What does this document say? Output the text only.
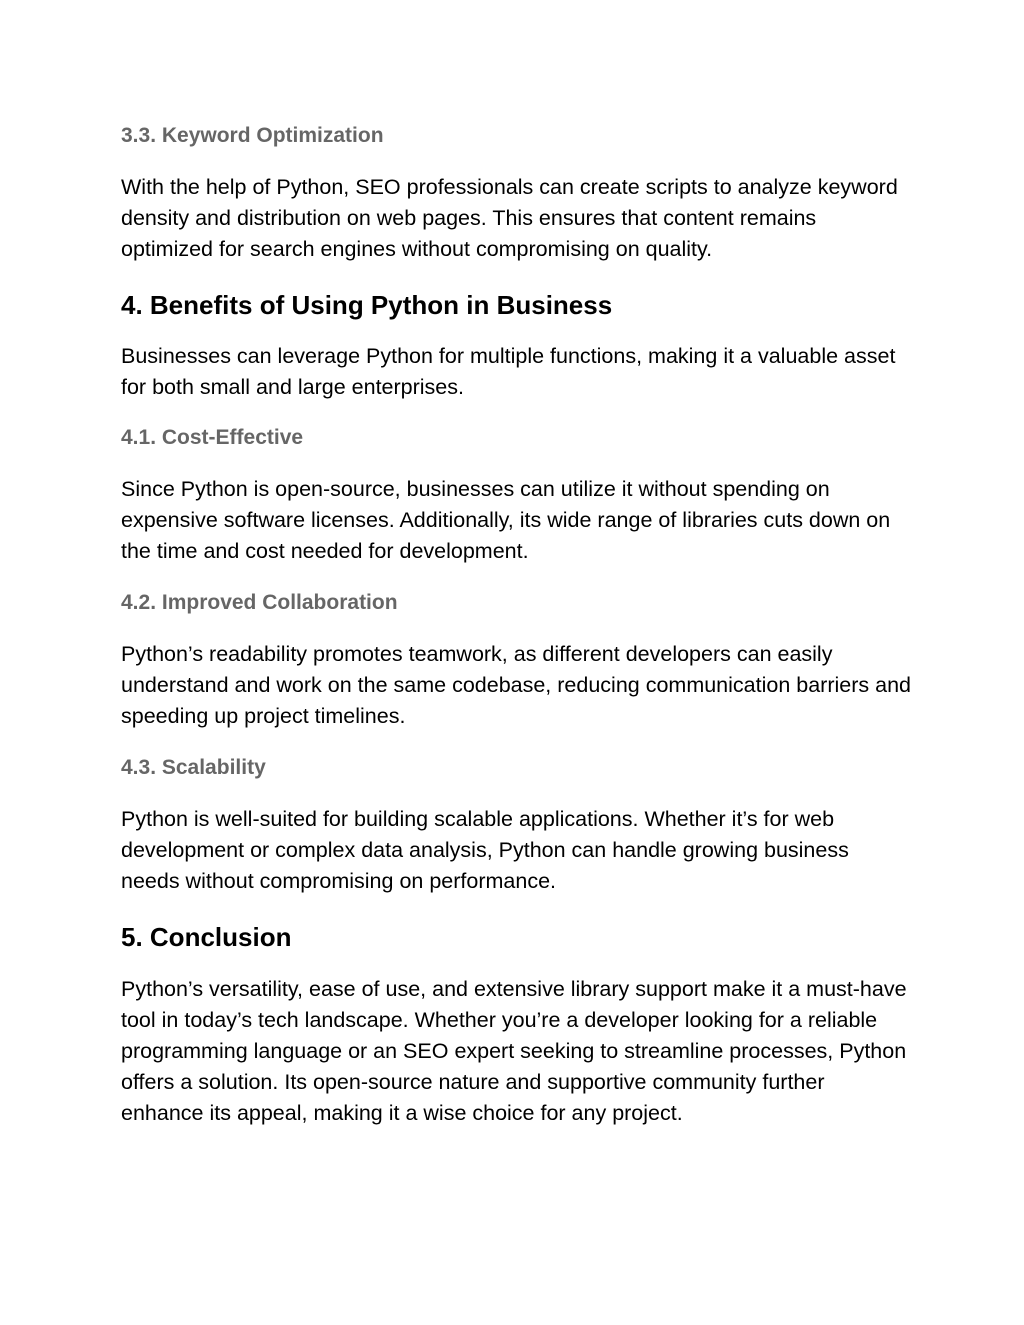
3.3. Keyword Optimization
With the help of Python, SEO professionals can create scripts to analyze keyword density and distribution on web pages. This ensures that content remains optimized for search engines without compromising on quality.
4. Benefits of Using Python in Business
Businesses can leverage Python for multiple functions, making it a valuable asset for both small and large enterprises.
4.1. Cost-Effective
Since Python is open-source, businesses can utilize it without spending on expensive software licenses. Additionally, its wide range of libraries cuts down on the time and cost needed for development.
4.2. Improved Collaboration
Python’s readability promotes teamwork, as different developers can easily understand and work on the same codebase, reducing communication barriers and speeding up project timelines.
4.3. Scalability
Python is well-suited for building scalable applications. Whether it’s for web development or complex data analysis, Python can handle growing business needs without compromising on performance.
5. Conclusion
Python’s versatility, ease of use, and extensive library support make it a must-have tool in today’s tech landscape. Whether you’re a developer looking for a reliable programming language or an SEO expert seeking to streamline processes, Python offers a solution. Its open-source nature and supportive community further enhance its appeal, making it a wise choice for any project.
